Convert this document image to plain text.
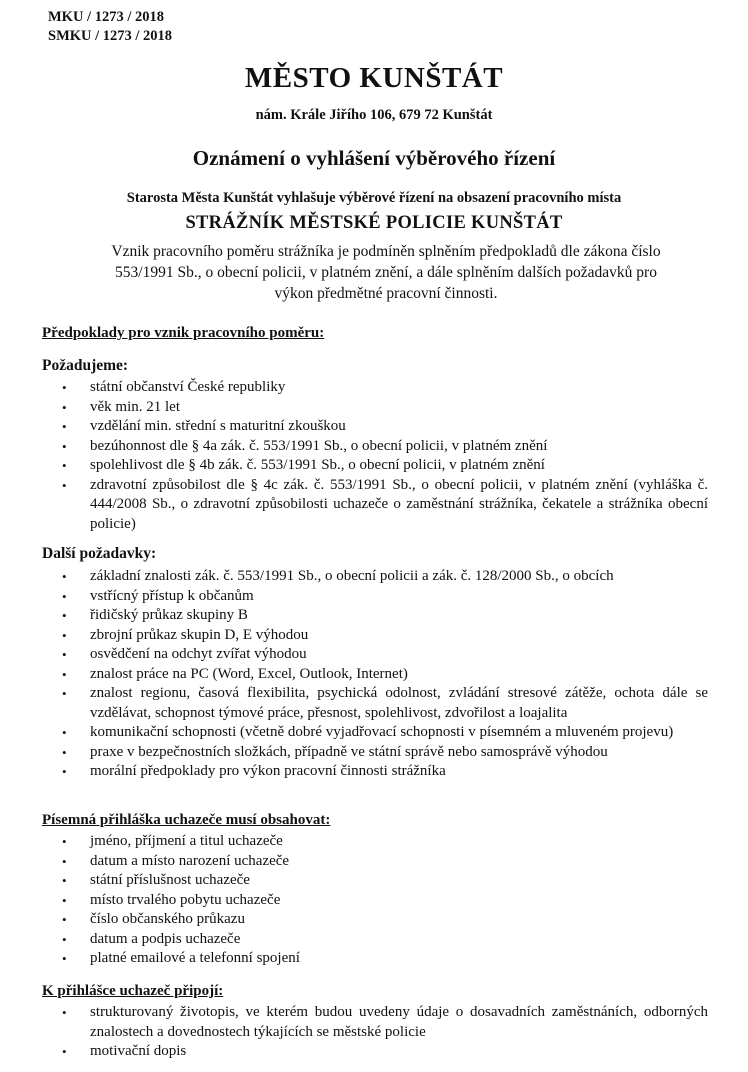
MKU / 1273 / 2018
SMKU / 1273 / 2018
MĚSTO KUNŠTÁT
nám. Krále Jiřího 106, 679 72 Kunštát
Oznámení o vyhlášení výběrového řízení
Starosta Města Kunštát vyhlašuje výběrové řízení na obsazení pracovního místa
STRÁŽNÍK MĚSTSKÉ POLICIE KUNŠTÁT
Vznik pracovního poměru strážníka je podmíněn splněním předpokladů dle zákona číslo 553/1991 Sb., o obecní policii, v platném znění, a dále splněním dalších požadavků pro výkon předmětné pracovní činnosti.
Předpoklady pro vznik pracovního poměru:
Požadujeme:
• státní občanství České republiky
• věk min. 21 let
• vzdělání min. střední s maturitní zkouškou
• bezúhonnost dle § 4a zák. č. 553/1991 Sb., o obecní policii, v platném znění
• spolehlivost dle § 4b zák. č. 553/1991 Sb., o obecní policii, v platném znění
• zdravotní způsobilost dle § 4c zák. č. 553/1991 Sb., o obecní policii, v platném znění (vyhláška č. 444/2008 Sb., o zdravotní způsobilosti uchazeče o zaměstnání strážníka, čekatele a strážníka obecní policie)
Další požadavky:
• základní znalosti zák. č. 553/1991 Sb., o obecní policii a zák. č. 128/2000 Sb., o obcích
• vstřícný přístup k občanům
• řidičský průkaz skupiny B
• zbrojní průkaz skupin D, E výhodou
• osvědčení na odchyt zvířat výhodou
• znalost práce na PC (Word, Excel, Outlook, Internet)
• znalost regionu, časová flexibilita, psychická odolnost, zvládání stresové zátěže, ochota dále se vzdělávat, schopnost týmové práce, přesnost, spolehlivost, zdvořilost a loajalita
• komunikační schopnosti (včetně dobré vyjadřovací schopnosti v písemném a mluveném projevu)
• praxe v bezpečnostních složkách, případně ve státní správě nebo samosprávě výhodou
• morální předpoklady pro výkon pracovní činnosti strážníka
Písemná přihláška uchazeče musí obsahovat:
• jméno, příjmení a titul uchazeče
• datum a místo narození uchazeče
• státní příslušnost uchazeče
• místo trvalého pobytu uchazeče
• číslo občanského průkazu
• datum a podpis uchazeče
• platné emailové a telefonní spojení
K přihlášce uchazeč připojí:
• strukturovaný životopis, ve kterém budou uvedeny údaje o dosavadních zaměstnáních, odborných znalostech a dovednostech týkajících se městské policie
• motivační dopis
